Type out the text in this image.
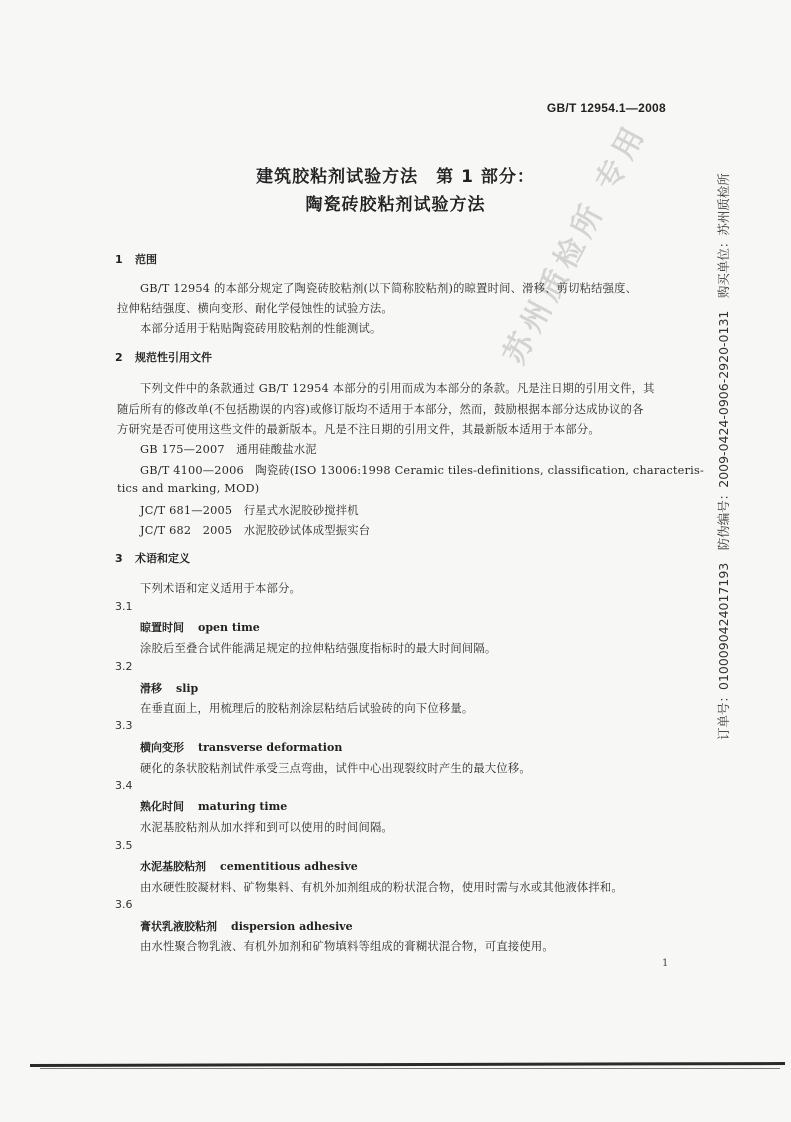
GB/T 12954.1—2008
建筑胶粘剂试验方法　第 1 部分：
陶瓷砖胶粘剂试验方法
1 范围
GB/T 12954 的本部分规定了陶瓷砖胶粘剂(以下简称胶粘剂)的晾置时间、滑移、剪切粘结强度、
拉伸粘结强度、横向变形、耐化学侵蚀性的试验方法。
本部分适用于粘贴陶瓷砖用胶粘剂的性能测试。
2 规范性引用文件
下列文件中的条款通过 GB/T 12954 本部分的引用而成为本部分的条款。凡是注日期的引用文件，其
随后所有的修改单(不包括勘误的内容)或修订版均不适用于本部分，然而，鼓励根据本部分达成协议的各
方研究是否可使用这些文件的最新版本。凡是不注日期的引用文件，其最新版本适用于本部分。
GB 175—2007　通用硅酸盐水泥
GB/T 4100—2006　陶瓷砖(ISO 13006:1998 Ceramic tiles-definitions, classification, characteris-
tics and marking, MOD)
JC/T 681—2005　行星式水泥胶砂搅拌机
JC/T 682　2005　水泥胶砂试体成型振实台
3 术语和定义
下列术语和定义适用于本部分。
3.1
晾置时间 open time
涂胶后至叠合试件能满足规定的拉伸粘结强度指标时的最大时间间隔。
3.2
滑移 slip
在垂直面上，用梳理后的胶粘剂涂层粘结后试验砖的向下位移量。
3.3
横向变形 transverse deformation
硬化的条状胶粘剂试件承受三点弯曲，试件中心出现裂纹时产生的最大位移。
3.4
熟化时间 maturing time
水泥基胶粘剂从加水拌和到可以使用的时间间隔。
3.5
水泥基胶粘剂 cementitious adhesive
由水硬性胶凝材料、矿物集料、有机外加剂组成的粉状混合物，使用时需与水或其他液体拌和。
3.6
膏状乳液胶粘剂 dispersion adhesive
由水性聚合物乳液、有机外加剂和矿物填料等组成的膏糊状混合物，可直接使用。
1
订单号：0100090424017193　防伪编号：2009-0424-0906-2920-0131　购买单位：苏州质检所
苏州质检所 专用
